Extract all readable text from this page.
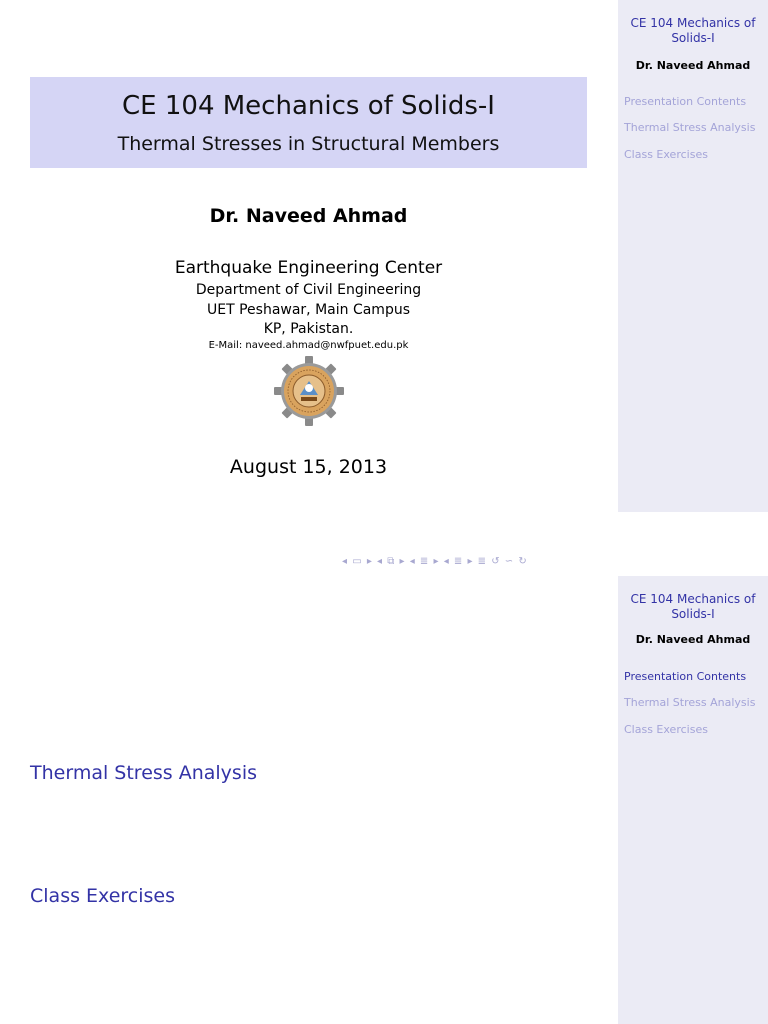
CE 104 Mechanics of Solids-I
Dr. Naveed Ahmad
Presentation Contents
Thermal Stress Analysis
Class Exercises
CE 104 Mechanics of Solids-I
Thermal Stresses in Structural Members
Dr. Naveed Ahmad
Earthquake Engineering Center
Department of Civil Engineering
UET Peshawar, Main Campus
KP, Pakistan.
E-Mail: naveed.ahmad@nwfpuet.edu.pk
August 15, 2013
◂ ▭ ▸ ◂ ⧉ ▸ ◂ ≣ ▸ ◂ ≣ ▸ ≣ ↺ ∽ ↻
CE 104 Mechanics of Solids-I
Dr. Naveed Ahmad
Presentation Contents
Thermal Stress Analysis
Class Exercises
Thermal Stress Analysis
Class Exercises
